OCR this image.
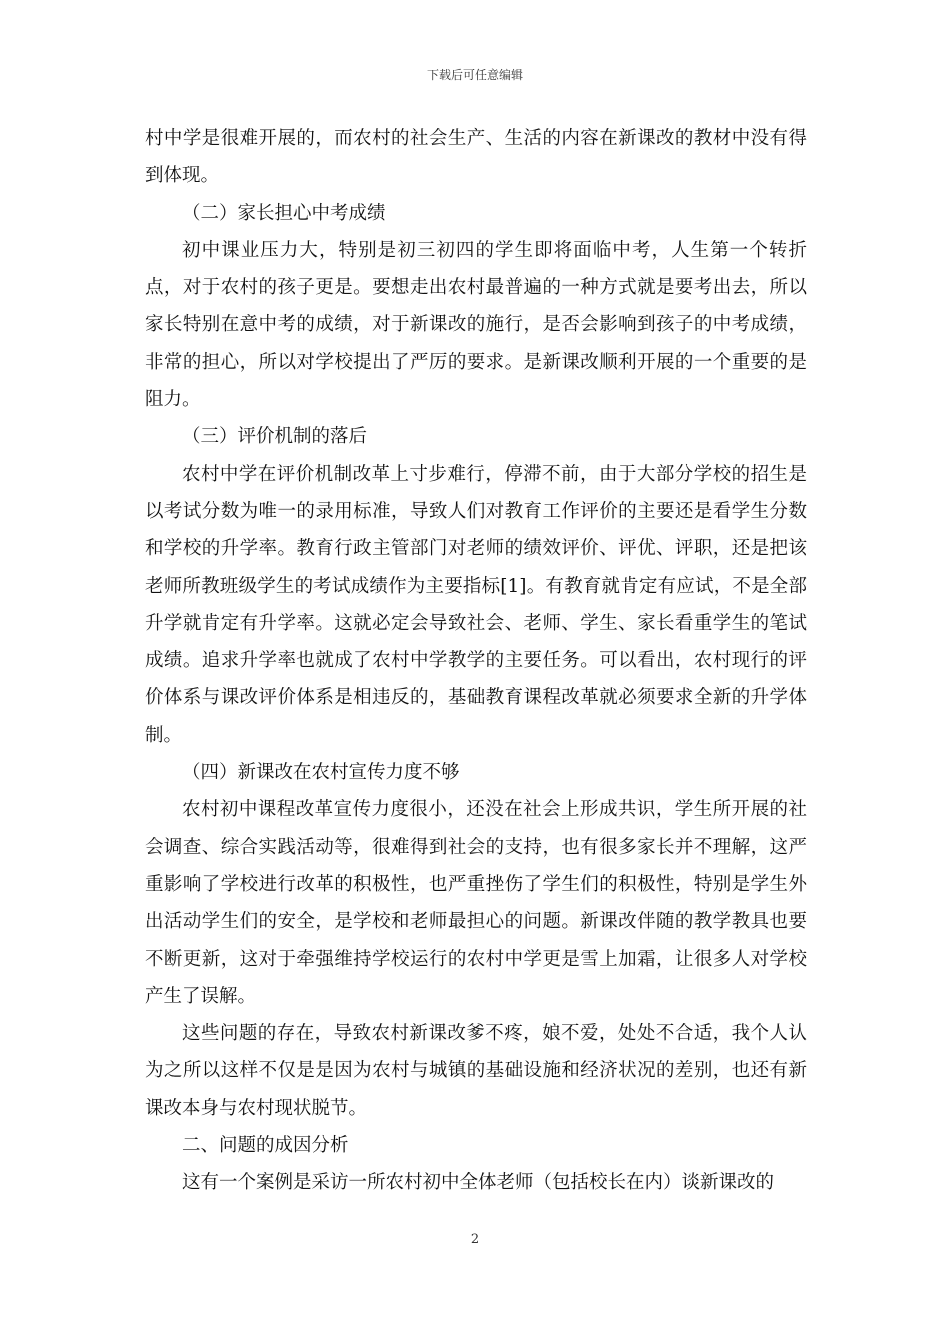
下载后可任意编辑

村中学是很难开展的，而农村的社会生产、生活的内容在新课改的教材中没有得到体现。

（二）家长担心中考成绩

初中课业压力大，特别是初三初四的学生即将面临中考，人生第一个转折点，对于农村的孩子更是。要想走出农村最普遍的一种方式就是要考出去，所以家长特别在意中考的成绩，对于新课改的施行，是否会影响到孩子的中考成绩，非常的担心，所以对学校提出了严厉的要求。是新课改顺利开展的一个重要的是阻力。

（三）评价机制的落后

农村中学在评价机制改革上寸步难行，停滞不前，由于大部分学校的招生是以考试分数为唯一的录用标准，导致人们对教育工作评价的主要还是看学生分数和学校的升学率。教育行政主管部门对老师的绩效评价、评优、评职，还是把该老师所教班级学生的考试成绩作为主要指标[1]。有教育就肯定有应试，不是全部升学就肯定有升学率。这就必定会导致社会、老师、学生、家长看重学生的笔试成绩。追求升学率也就成了农村中学教学的主要任务。可以看出，农村现行的评价体系与课改评价体系是相违反的，基础教育课程改革就必须要求全新的升学体制。

（四）新课改在农村宣传力度不够

农村初中课程改革宣传力度很小，还没在社会上形成共识，学生所开展的社会调查、综合实践活动等，很难得到社会的支持，也有很多家长并不理解，这严重影响了学校进行改革的积极性，也严重挫伤了学生们的积极性，特别是学生外出活动学生们的安全，是学校和老师最担心的问题。新课改伴随的教学教具也要不断更新，这对于牵强维持学校运行的农村中学更是雪上加霜，让很多人对学校产生了误解。

这些问题的存在，导致农村新课改爹不疼，娘不爱，处处不合适，我个人认为之所以这样不仅是是因为农村与城镇的基础设施和经济状况的差别，也还有新课改本身与农村现状脱节。

二、问题的成因分析

这有一个案例是采访一所农村初中全体老师（包括校长在内）谈新课改的

2
